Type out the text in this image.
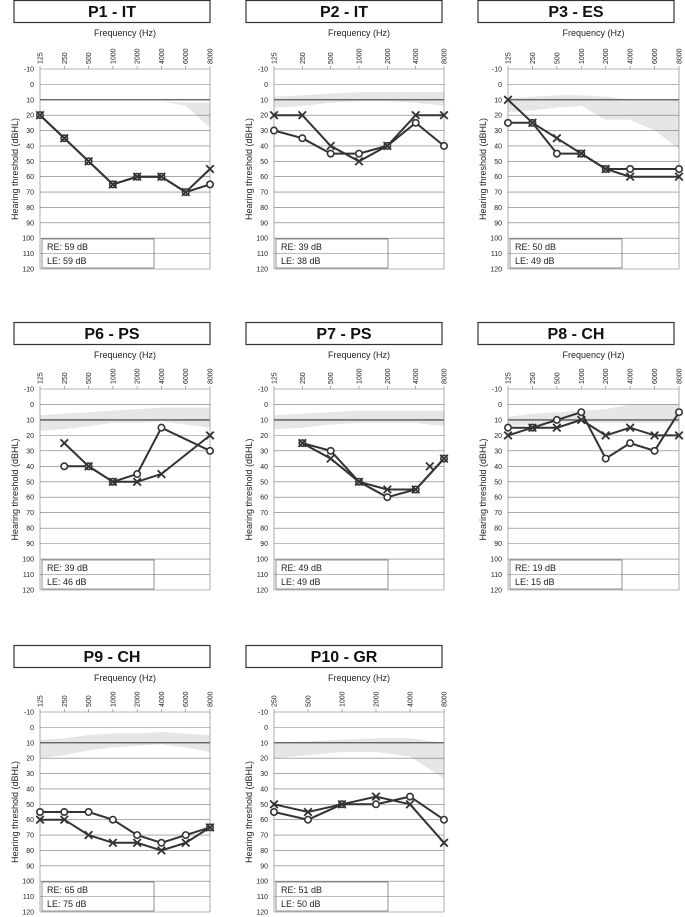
P1 - IT
Frequency (Hz)
-10
0
10
20
30
40
50
60
70
80
90
100
110
120
125 250 500 1000 2000 4000 6000 8000
Hearing threshold (dBHL)
RE: 59 dB
LE: 59 dB
P2 - IT
Frequency (Hz)
-10
0
10
20
30
40
50
60
70
80
90
100
110
120
125	250	500	1000	2000	4000	8000
Hearing threshold (dBHL)
RE: 39 dB
LE: 38 dB
P3 - ES
Frequency (Hz)
-10
0
10
20
30
40
50
60
70
80
90
100
110
120
125 250 500 1000 2000 4000 6000 8000
Hearing threshold (dBHL)
RE: 50 dB
LE: 49 dB
P6 - PS
Frequency (Hz)
-10
0
10
20
30
40
50
60
70
80
90
100
110
120
125 250 500 1000 2000 4000 6000 8000
Hearing threshold (dBHL)
RE: 39 dB
LE: 46 dB
P7 - PS
Frequency (Hz)
-10
0
10
20
30
40
50
60
70
80
90
100
110
120
125	250	500	1000	2000	4000	8000
Hearing threshold (dBHL)
RE: 49 dB
LE: 49 dB
P8 - CH
Frequency (Hz)
-10
0
10
20
30
40
50
60
70
80
90
100
110
120
125 250 500 1000 2000 4000 6000 8000
Hearing threshold (dBHL)
RE: 19 dB
LE: 15 dB
P9 - CH
Frequency (Hz)
-10
0
10
20
30
40
50
60
70
80
90
100
110
120
125 250 500 1000 2000 4000 6000 8000
Hearing threshold (dBHL)
RE: 65 dB
LE: 75 dB
P10 - GR
Frequency (Hz)
-10
0
10
20
30
40
50
60
70
80
90
100
110
120
250	500	1000	2000	4000	8000
Hearing threshold (dBHL)
RE: 51 dB
LE: 50 dB
